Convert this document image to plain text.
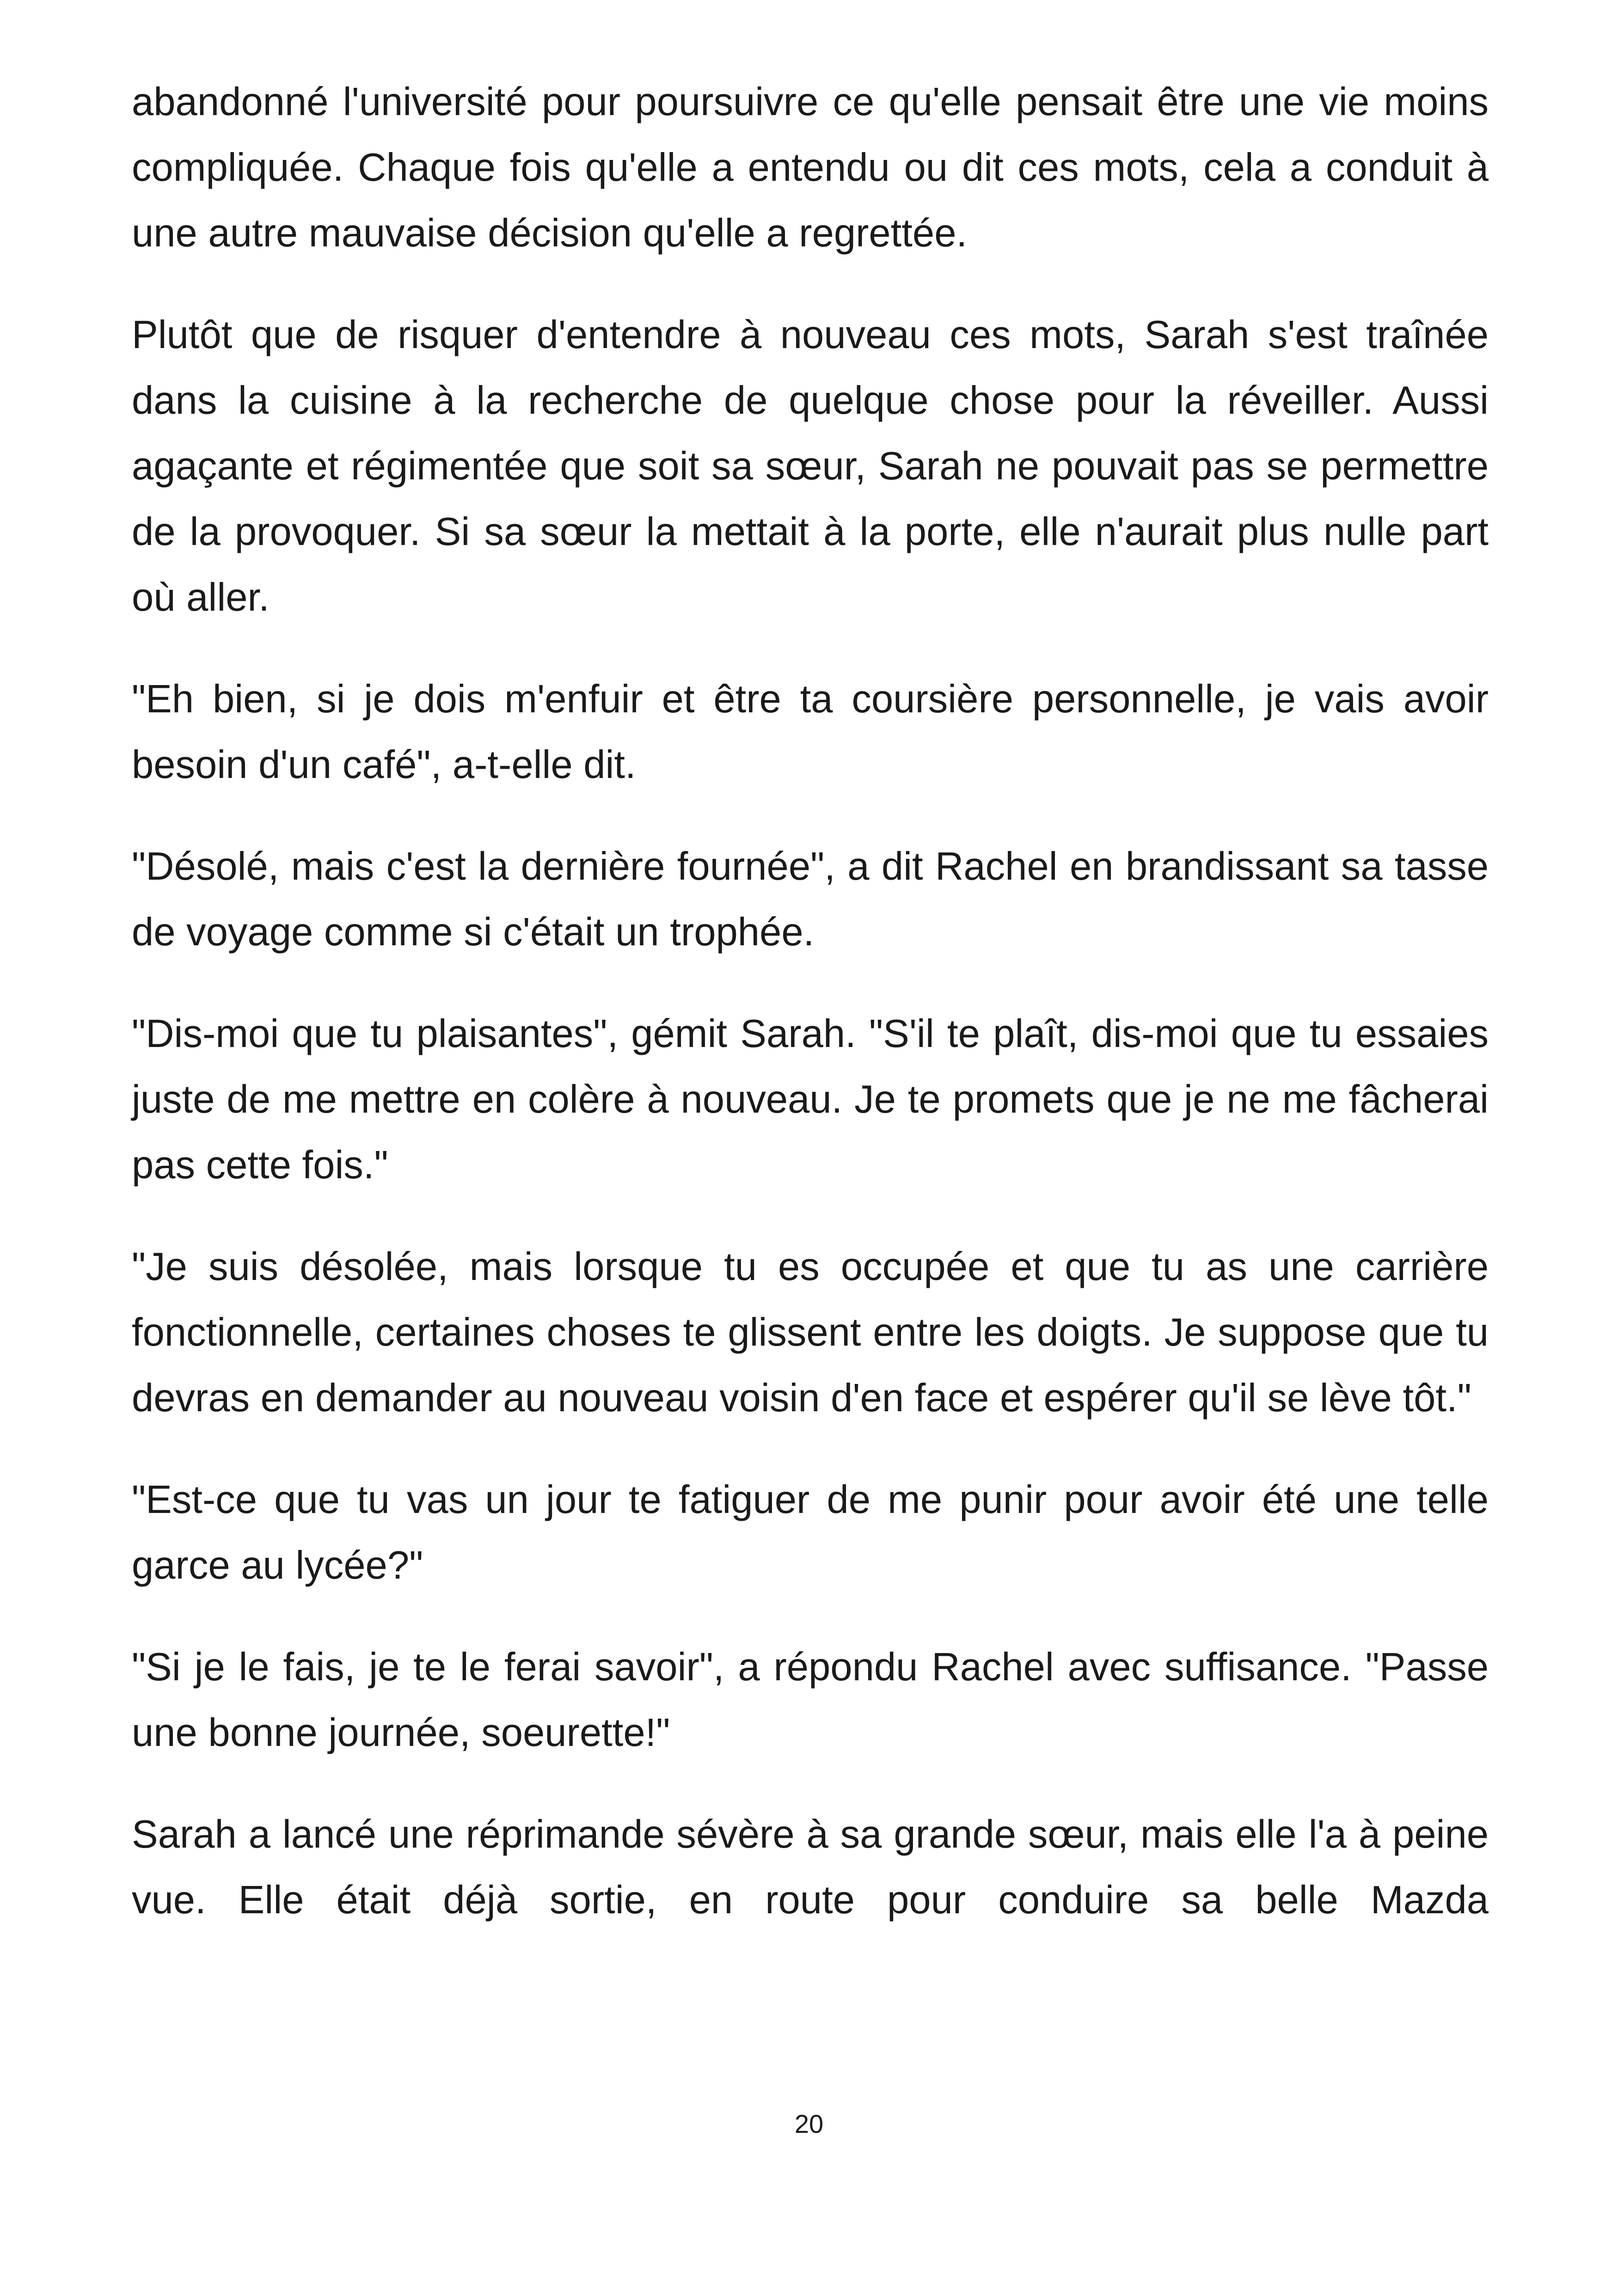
abandonné l'université pour poursuivre ce qu'elle pensait être une vie moins compliquée. Chaque fois qu'elle a entendu ou dit ces mots, cela a conduit à une autre mauvaise décision qu'elle a regrettée.

Plutôt que de risquer d'entendre à nouveau ces mots, Sarah s'est traînée dans la cuisine à la recherche de quelque chose pour la réveiller. Aussi agaçante et régimentée que soit sa sœur, Sarah ne pouvait pas se permettre de la provoquer. Si sa sœur la mettait à la porte, elle n'aurait plus nulle part où aller.

"Eh bien, si je dois m'enfuir et être ta coursière personnelle, je vais avoir besoin d'un café", a-t-elle dit.

"Désolé, mais c'est la dernière fournée", a dit Rachel en brandissant sa tasse de voyage comme si c'était un trophée.

"Dis-moi que tu plaisantes", gémit Sarah. "S'il te plaît, dis-moi que tu essaies juste de me mettre en colère à nouveau. Je te promets que je ne me fâcherai pas cette fois."

"Je suis désolée, mais lorsque tu es occupée et que tu as une carrière fonctionnelle, certaines choses te glissent entre les doigts. Je suppose que tu devras en demander au nouveau voisin d'en face et espérer qu'il se lève tôt."

"Est-ce que tu vas un jour te fatiguer de me punir pour avoir été une telle garce au lycée?"

"Si je le fais, je te le ferai savoir", a répondu Rachel avec suffisance. "Passe une bonne journée, soeurette!"

Sarah a lancé une réprimande sévère à sa grande sœur, mais elle l'a à peine vue. Elle était déjà sortie, en route pour conduire sa belle Mazda

20
